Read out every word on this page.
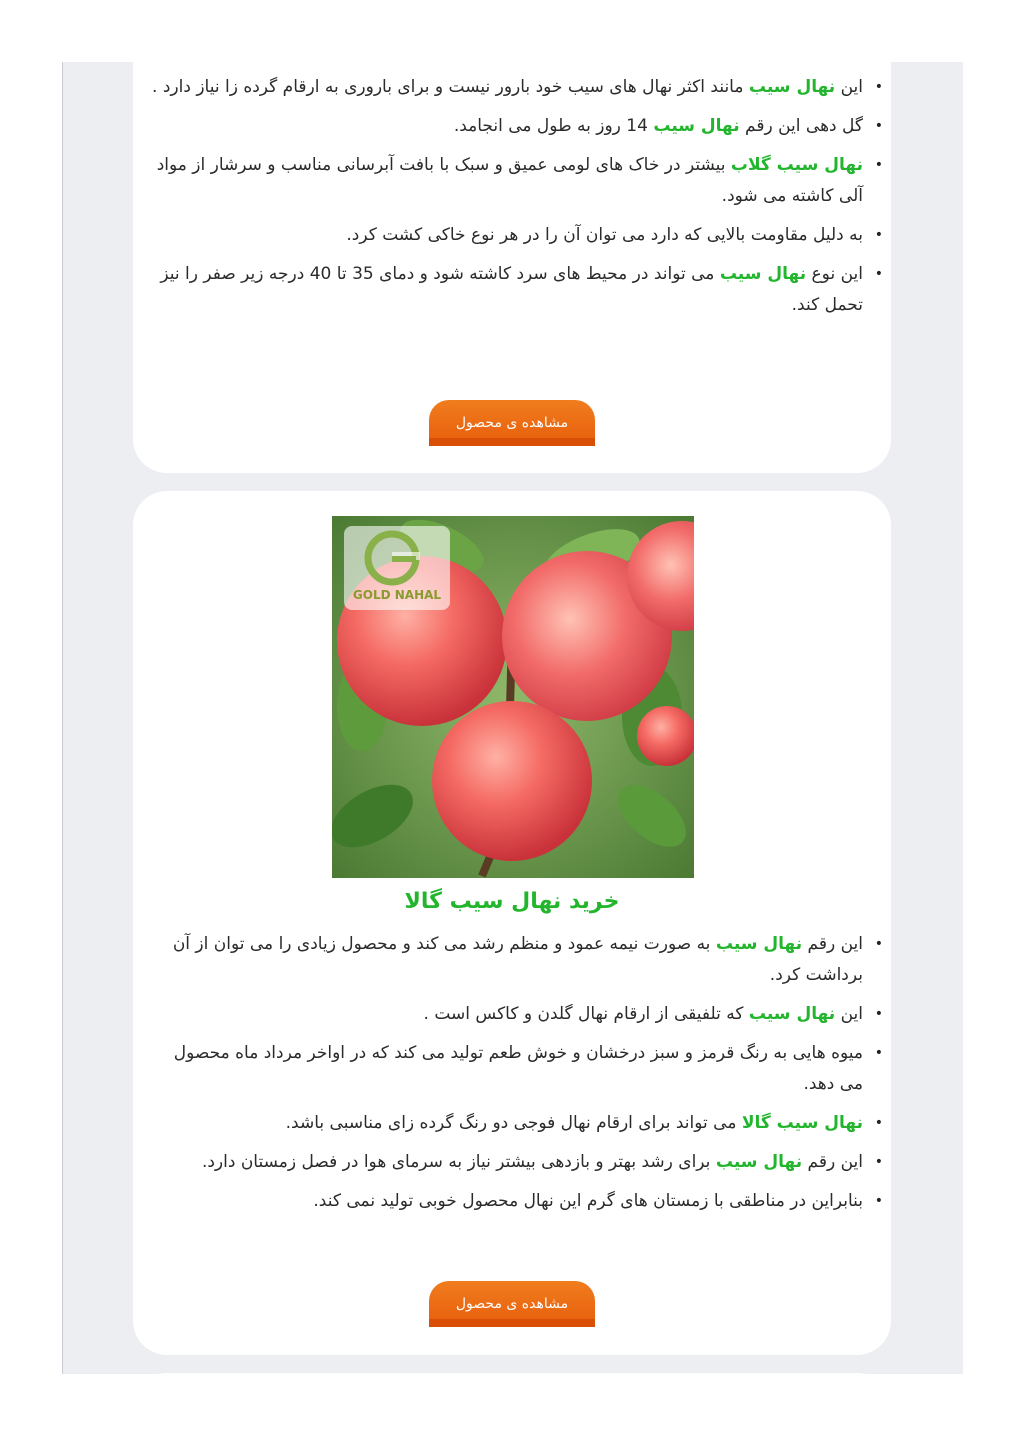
•
این نهال سیب مانند اکثر نهال های سیب خود بارور نیست و برای باروری به ارقام گرده زا نیاز دارد .
•
گل دهی این رقم نهال سیب 14 روز به طول می انجامد.
•
نهال سیب گلاب بیشتر در خاک های لومی عمیق و سبک با بافت آبرسانی مناسب و سرشار از مواد آلی کاشته می شود.
•
به دلیل مقاومت بالایی که دارد می توان آن را در هر نوع خاکی کشت کرد.
•
این نوع نهال سیب می تواند در محیط های سرد کاشته شود و دمای 35 تا 40 درجه زیر صفر را نیز تحمل کند.
مشاهده ی محصول
GOLD NAHAL
خرید نهال سیب گالا
•
این رقم نهال سیب به صورت نیمه عمود و منظم رشد می کند و محصول زیادی را می توان از آن برداشت کرد.
•
این نهال سیب که تلفیقی از ارقام نهال گلدن و کاکس است .
•
میوه هایی به رنگ قرمز و سبز درخشان و خوش طعم تولید می کند که در اواخر مرداد ماه محصول می دهد.
•
نهال سیب گالا می تواند برای ارقام نهال فوجی دو رنگ گرده زای مناسبی باشد.
•
این رقم نهال سیب برای رشد بهتر و بازدهی بیشتر نیاز به سرمای هوا در فصل زمستان دارد.
•
بنابراین در مناطقی با زمستان های گرم این نهال محصول خوبی تولید نمی کند.
مشاهده ی محصول
